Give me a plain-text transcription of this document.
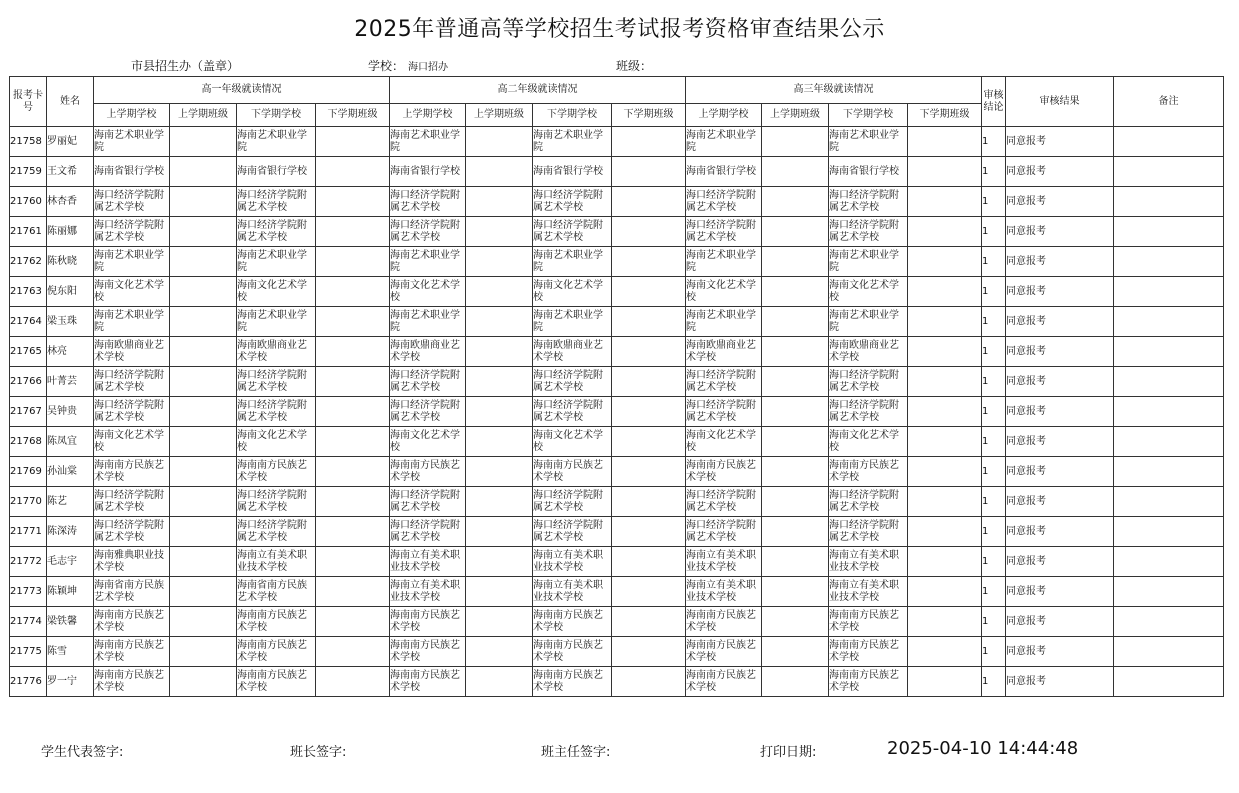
2025年普通高等学校招生考试报考资格审查结果公示
市县招生办（盖章）	学校： 海口招办	班级：
报考卡号	姓名	高一年级就读情况				高二年级就读情况				高三年级就读情况				审核结论	审核结果	备注
		上学期学校	上学期班级	下学期学校	下学期班级	上学期学校	上学期班级	下学期学校	下学期班级	上学期学校	上学期班级	下学期学校	下学期班级			
21758	罗丽妃	海南艺术职业学院		海南艺术职业学院		海南艺术职业学院		海南艺术职业学院		海南艺术职业学院		海南艺术职业学院		1	同意报考	
21759	王文希	海南省银行学校		海南省银行学校		海南省银行学校		海南省银行学校		海南省银行学校		海南省银行学校		1	同意报考	
21760	林杏香	海口经济学院附属艺术学校		海口经济学院附属艺术学校		海口经济学院附属艺术学校		海口经济学院附属艺术学校		海口经济学院附属艺术学校		海口经济学院附属艺术学校		1	同意报考	
21761	陈丽娜	海口经济学院附属艺术学校		海口经济学院附属艺术学校		海口经济学院附属艺术学校		海口经济学院附属艺术学校		海口经济学院附属艺术学校		海口经济学院附属艺术学校		1	同意报考	
21762	陈秋晓	海南艺术职业学院		海南艺术职业学院		海南艺术职业学院		海南艺术职业学院		海南艺术职业学院		海南艺术职业学院		1	同意报考	
21763	倪东阳	海南文化艺术学校		海南文化艺术学校		海南文化艺术学校		海南文化艺术学校		海南文化艺术学校		海南文化艺术学校		1	同意报考	
21764	梁玉珠	海南艺术职业学院		海南艺术职业学院		海南艺术职业学院		海南艺术职业学院		海南艺术职业学院		海南艺术职业学院		1	同意报考	
21765	林亮	海南欧鼎商业艺术学校		海南欧鼎商业艺术学校		海南欧鼎商业艺术学校		海南欧鼎商业艺术学校		海南欧鼎商业艺术学校		海南欧鼎商业艺术学校		1	同意报考	
21766	叶菁芸	海口经济学院附属艺术学校		海口经济学院附属艺术学校		海口经济学院附属艺术学校		海口经济学院附属艺术学校		海口经济学院附属艺术学校		海口经济学院附属艺术学校		1	同意报考	
21767	吴钟贵	海口经济学院附属艺术学校		海口经济学院附属艺术学校		海口经济学院附属艺术学校		海口经济学院附属艺术学校		海口经济学院附属艺术学校		海口经济学院附属艺术学校		1	同意报考	
21768	陈凤宜	海南文化艺术学校		海南文化艺术学校		海南文化艺术学校		海南文化艺术学校		海南文化艺术学校		海南文化艺术学校		1	同意报考	
21769	孙汕棠	海南南方民族艺术学校		海南南方民族艺术学校		海南南方民族艺术学校		海南南方民族艺术学校		海南南方民族艺术学校		海南南方民族艺术学校		1	同意报考	
21770	陈艺	海口经济学院附属艺术学校		海口经济学院附属艺术学校		海口经济学院附属艺术学校		海口经济学院附属艺术学校		海口经济学院附属艺术学校		海口经济学院附属艺术学校		1	同意报考	
21771	陈深涛	海口经济学院附属艺术学校		海口经济学院附属艺术学校		海口经济学院附属艺术学校		海口经济学院附属艺术学校		海口经济学院附属艺术学校		海口经济学院附属艺术学校		1	同意报考	
21772	毛志宇	海南雅典职业技术学校		海南立有美术职业技术学校		海南立有美术职业技术学校		海南立有美术职业技术学校		海南立有美术职业技术学校		海南立有美术职业技术学校		1	同意报考	
21773	陈颖坤	海南省南方民族艺术学校		海南省南方民族艺术学校		海南立有美术职业技术学校		海南立有美术职业技术学校		海南立有美术职业技术学校		海南立有美术职业技术学校		1	同意报考	
21774	梁铁馨	海南南方民族艺术学校		海南南方民族艺术学校		海南南方民族艺术学校		海南南方民族艺术学校		海南南方民族艺术学校		海南南方民族艺术学校		1	同意报考	
21775	陈雪	海南南方民族艺术学校		海南南方民族艺术学校		海南南方民族艺术学校		海南南方民族艺术学校		海南南方民族艺术学校		海南南方民族艺术学校		1	同意报考	
21776	罗一宁	海南南方民族艺术学校		海南南方民族艺术学校		海南南方民族艺术学校		海南南方民族艺术学校		海南南方民族艺术学校		海南南方民族艺术学校		1	同意报考	
学生代表签字:	班长签字:	班主任签字:	打印日期:	2025-04-10 14:44:48
